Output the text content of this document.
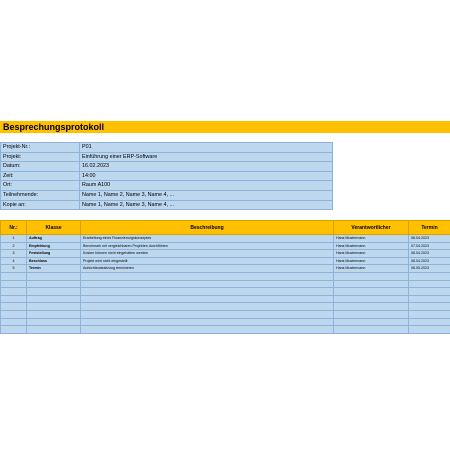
Besprechungsprotokoll
Projekt-Nr.:	P01
Projekt:	Einführung einer ERP-Software
Datum:	16.02.2023
Zeit:	14:00
Ort:	Raum A100
Teilnehmende:	Name 1, Name 2, Name 3, Name 4, ...
Kopie an:	Name 1, Name 2, Name 3, Name 4, ...
Nr.:	Klasse	Beschreibung	Verantwortlicher	Termin
1	Auftrag	Erarbeitung eines Finanzierungskonzeptes	Hans Mustermann	06.04.2023
2	Empfehlung	Benchmark mit vergleichbaren Projekten durchführen	Hans Mustermann	07.04.2023
3	Feststellung	Kosten können nicht eingehalten werden	Hans Mustermann	06.04.2023
4	Beschluss	Projekt wird nicht eingestellt	Hans Mustermann	06.04.2023
5	Termin	Aufsichtsratssitzung terminieren	Hans Mustermann	06.05.2023
